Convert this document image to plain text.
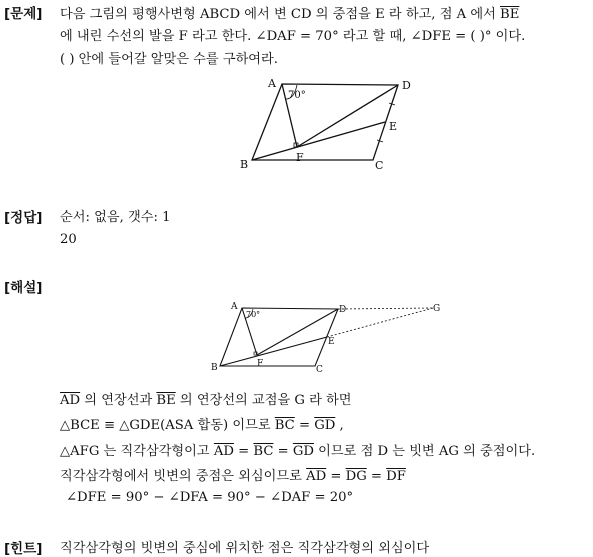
[문제] 다음 그림의 평행사변형 ABCD 에서 변 CD 의 중점을 E 라 하고, 점 A 에서 $\overline{BE}$
에 내린 수선의 발을 F 라고 한다. ∠DAF = 70° 라고 할 때, ∠DFE = ( )° 이다.
( ) 안에 들어갈 알맞은 수를 구하여라.
A	D
E
F
B	C
70°
[정답] 순서: 없음, 갯수: 1
20
[해설]
A	D	G
E
F
B	C
70°
$\overline{AD}$ 의 연장선과 $\overline{BE}$ 의 연장선의 교점을 G 라 하면
△BCE ≡ △GDE(ASA 합동) 이므로 $\overline{BC} = \overline{GD}$ ,
△AFG 는 직각삼각형이고 $\overline{AD} = \overline{BC} = \overline{GD}$ 이므로 점 D 는 빗변 AG 의 중점이다.
직각삼각형에서 빗변의 중점은 외심이므로 $\overline{AD} = \overline{DG} = \overline{DF}$
∠DFE = 90° − ∠DFA = 90° − ∠DAF = 20°
[힌트] 직각삼각형의 빗변의 중심에 위치한 점은 직각삼각형의 외심이다
